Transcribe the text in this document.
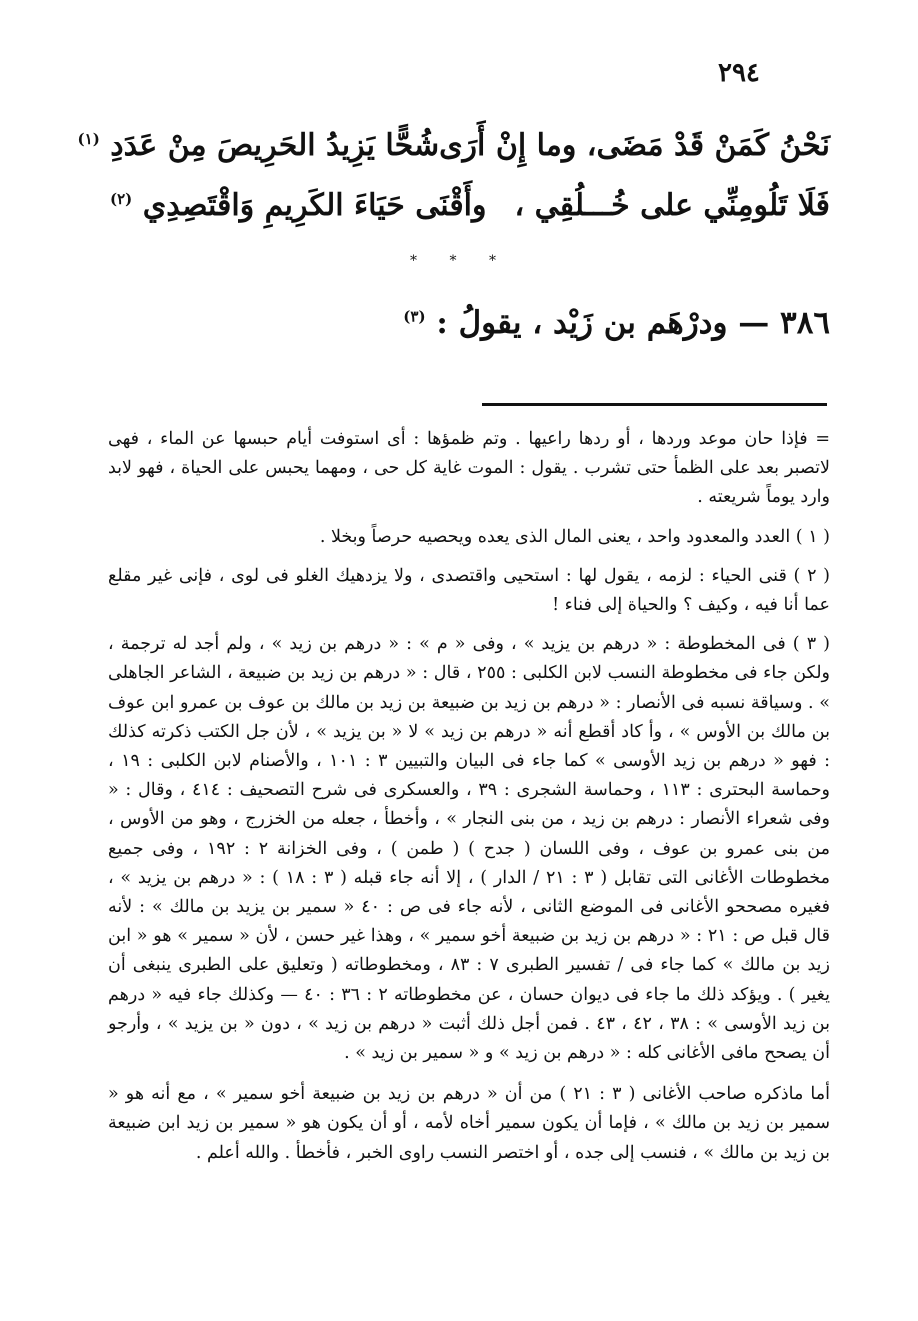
٢٩٤
نَحْنُ كَمَنْ قَدْ مَضَى، وما إِنْ أَرَى
شُحًّا يَزِيدُ الحَرِيصَ مِنْ عَدَدِ $^{(١)}$
فَلَا تَلُومِنِّي على خُـــلُقِي ،
وأَقْنَى حَيَاءَ الكَرِيمِ وَاقْتَصِدِي $^{(٢)}$
* * *
٣٨٦ — ودرْهَم بن زَيْد ، يقولُ : $^{(٣)}$

= فإذا حان موعد وردها ، أو ردها راعيها . وتم ظمؤها : أى استوفت أيام حبسها عن الماء ، فهى لاتصبر بعد على الظمأ حتى تشرب . يقول : الموت غاية كل حى ، ومهما يحبس على الحياة ، فهو لابد وارد يوماً شريعته .

( ١ ) العدد والمعدود واحد ، يعنى المال الذى يعده ويحصيه حرصاً وبخلا .

( ٢ ) قنى الحياء : لزمه ، يقول لها : استحيى واقتصدى ، ولا يزدهيك الغلو فى لوى ، فإنى غير مقلع عما أنا فيه ، وكيف ؟ والحياة إلى فناء !

( ٣ ) فى المخطوطة : « درهم بن يزيد » ، وفى « م » : « درهم بن زيد » ، ولم أجد له ترجمة ، ولكن جاء فى مخطوطة النسب لابن الكلبى : ٢٥٥ ، قال : « درهم بن زيد بن ضبيعة ، الشاعر الجاهلى » . وسياقة نسبه فى الأنصار : « درهم بن زيد بن ضبيعة بن زيد بن مالك بن عوف بن عمرو ابن عوف بن مالك بن الأوس » ، وأ كاد أقطع أنه « درهم بن زيد » لا « بن يزيد » ، لأن جل الكتب ذكرته كذلك : فهو « درهم بن زيد الأوسى » كما جاء فى البيان والتبيين ٣ : ١٠١ ، والأصنام لابن الكلبى : ١٩ ، وحماسة البحترى : ١١٣ ، وحماسة الشجرى : ٣٩ ، والعسكرى فى شرح التصحيف : ٤١٤ ، وقال : « وفى شعراء الأنصار : درهم بن زيد ، من بنى النجار » ، وأخطأ ، جعله من الخزرج ، وهو من الأوس ، من بنى عمرو بن عوف ، وفى اللسان ( جدح ) ( طمن ) ، وفى الخزانة ٢ : ١٩٢ ، وفى جميع مخطوطات الأغانى التى تقابل ( ٣ : ٢١ / الدار ) ، إلا أنه جاء قبله ( ٣ : ١٨ ) : « درهم بن يزيد » ، فغيره مصححو الأغانى فى الموضع الثانى ، لأنه جاء فى ص : ٤٠ « سمير بن يزيد بن مالك » : لأنه قال قبل ص : ٢١ : « درهم بن زيد بن ضبيعة أخو سمير » ، وهذا غير حسن ، لأن « سمير » هو « ابن زيد بن مالك » كما جاء فى / تفسير الطبرى ٧ : ٨٣ ، ومخطوطاته ( وتعليق على الطبرى ينبغى أن يغير ) . ويؤكد ذلك ما جاء فى ديوان حسان ، عن مخطوطاته ٢ : ٣٦ : ٤٠ — وكذلك جاء فيه « درهم بن زيد الأوسى » : ٣٨ ، ٤٢ ، ٤٣ . فمن أجل ذلك أثبت « درهم بن زيد » ، دون « بن يزيد » ، وأرجو أن يصحح مافى الأغانى كله : « درهم بن زيد » و « سمير بن زيد » .

أما ماذكره صاحب الأغانى ( ٣ : ٢١ ) من أن « درهم بن زيد بن ضبيعة أخو سمير » ، مع أنه هو « سمير بن زيد بن مالك » ، فإما أن يكون سمير أخاه لأمه ، أو أن يكون هو « سمير بن زيد ابن ضبيعة بن زيد بن مالك » ، فنسب إلى جده ، أو اختصر النسب راوى الخبر ، فأخطأ . والله أعلم .
